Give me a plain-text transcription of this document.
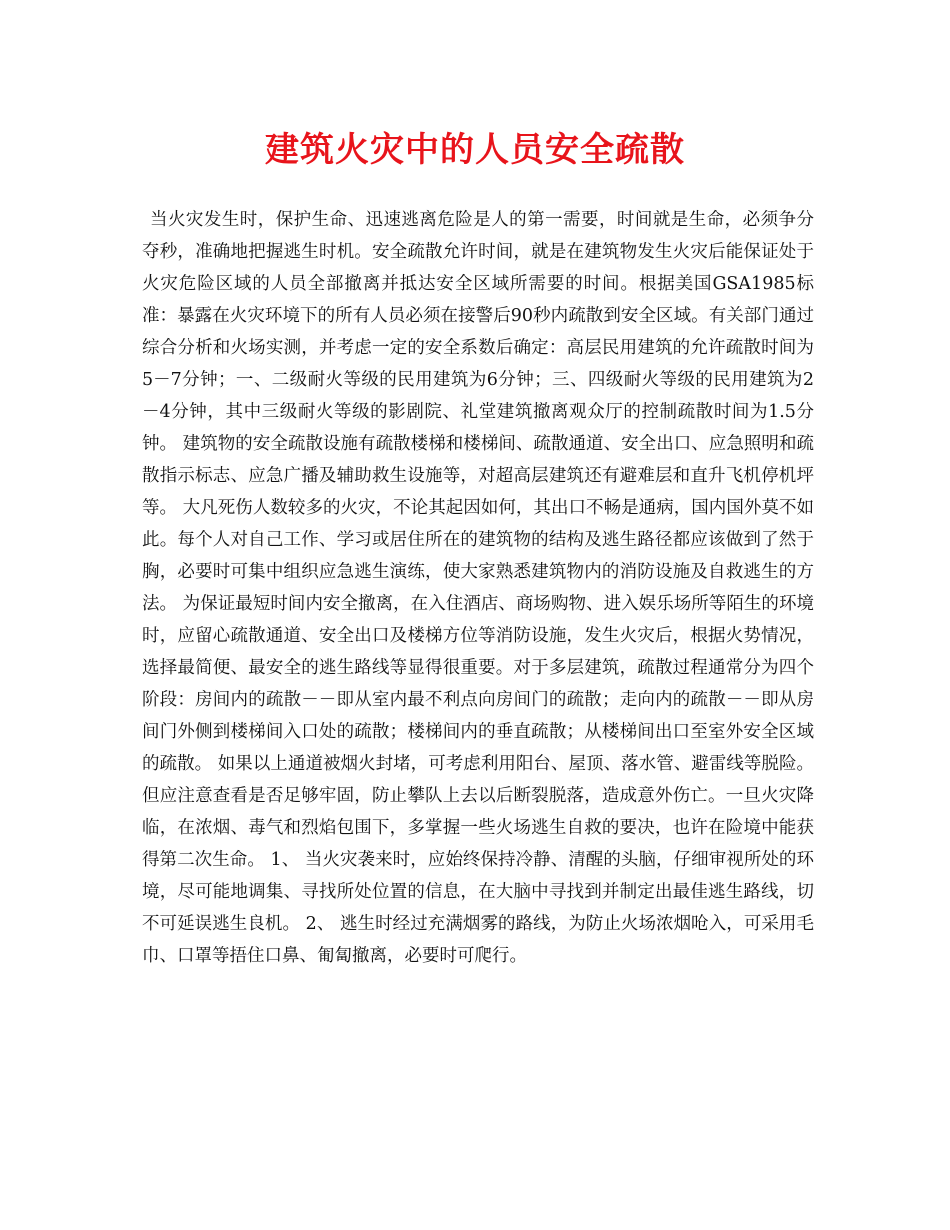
建筑火灾中的人员安全疏散

当火灾发生时，保护生命、迅速逃离危险是人的第一需要，时间就是生命，必须争分夺秒，准确地把握逃生时机。安全疏散允许时间，就是在建筑物发生火灾后能保证处于火灾危险区域的人员全部撤离并抵达安全区域所需要的时间。根据美国GSA1985标准：暴露在火灾环境下的所有人员必须在接警后90秒内疏散到安全区域。有关部门通过综合分析和火场实测，并考虑一定的安全系数后确定：高层民用建筑的允许疏散时间为5－7分钟；一、二级耐火等级的民用建筑为6分钟；三、四级耐火等级的民用建筑为2－4分钟，其中三级耐火等级的影剧院、礼堂建筑撤离观众厅的控制疏散时间为1.5分钟。 建筑物的安全疏散设施有疏散楼梯和楼梯间、疏散通道、安全出口、应急照明和疏散指示标志、应急广播及辅助救生设施等，对超高层建筑还有避难层和直升飞机停机坪等。 大凡死伤人数较多的火灾，不论其起因如何，其出口不畅是通病，国内国外莫不如此。每个人对自己工作、学习或居住所在的建筑物的结构及逃生路径都应该做到了然于胸，必要时可集中组织应急逃生演练，使大家熟悉建筑物内的消防设施及自救逃生的方法。 为保证最短时间内安全撤离，在入住酒店、商场购物、进入娱乐场所等陌生的环境时，应留心疏散通道、安全出口及楼梯方位等消防设施，发生火灾后，根据火势情况，选择最简便、最安全的逃生路线等显得很重要。对于多层建筑，疏散过程通常分为四个阶段：房间内的疏散－－即从室内最不利点向房间门的疏散；走向内的疏散－－即从房间门外侧到楼梯间入口处的疏散；楼梯间内的垂直疏散；从楼梯间出口至室外安全区域的疏散。 如果以上通道被烟火封堵，可考虑利用阳台、屋顶、落水管、避雷线等脱险。但应注意查看是否足够牢固，防止攀队上去以后断裂脱落，造成意外伤亡。一旦火灾降临，在浓烟、毒气和烈焰包围下，多掌握一些火场逃生自救的要决，也许在险境中能获得第二次生命。 1、 当火灾袭来时，应始终保持冷静、清醒的头脑，仔细审视所处的环境，尽可能地调集、寻找所处位置的信息，在大脑中寻找到并制定出最佳逃生路线，切不可延误逃生良机。 2、 逃生时经过充满烟雾的路线，为防止火场浓烟呛入，可采用毛巾、口罩等捂住口鼻、匍匐撤离，必要时可爬行。
